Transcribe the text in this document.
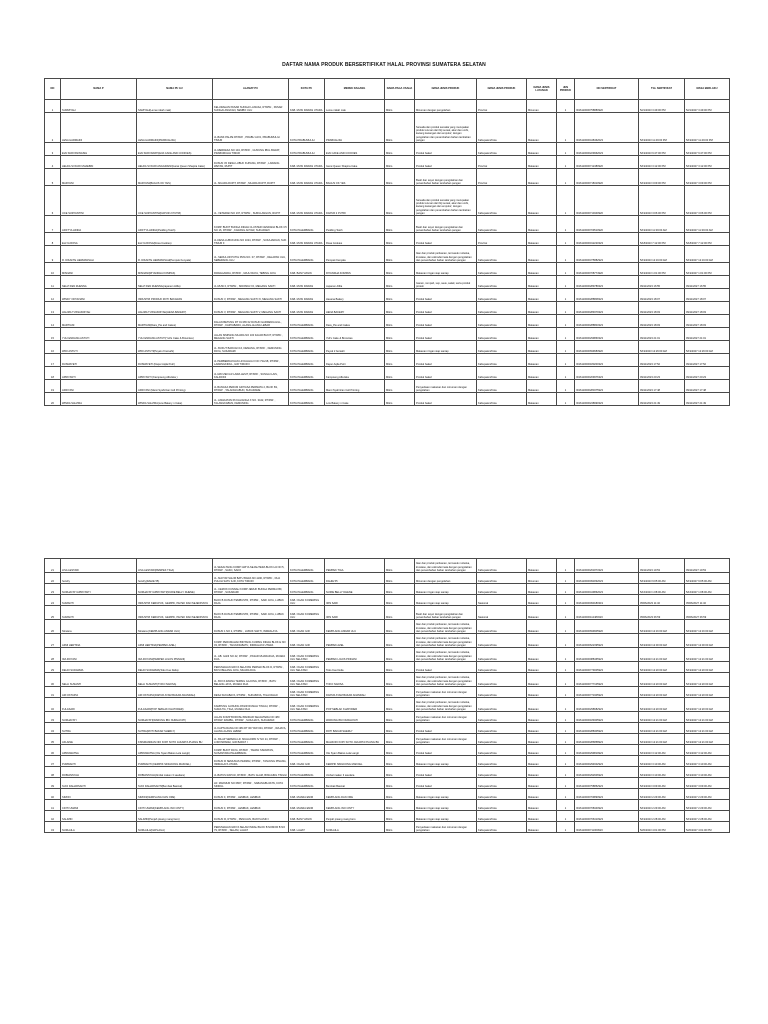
DAFTAR NAMA PRODUK BERSERTIFIKAT HALAL PROVINSI SUMATERA SELATAN
NO	NAMA P	NAMA PU AU	ALAMAT PU	KOTA PU	MEREK DAGANG	NAMA PAGA USAHA	NAMA JENIS PRODUK	NAMA JENIS PRODUK	NAMA JENIS LAYANAN	JEN PRODUK	NO SERTIFIKAT	TGL SERTIFIKAT	MASA BERLAKU
1	SURMIYAH	SAMIYAH(Lema mikah mak)	KELURAHAN PASAR SUNGAI LANGSA, RT/RW: , PASAR SUNGAI ANGKAN, SEMBO ULU	KAB. MUSI RAWAS UTARA	Lema mikah mak	Mikro	Minuman dengan pengolahan	Provinsi	Minuman	1	ID16110000758880920	5/21/2023 3:49:00 PM	5/21/2027 3:49:00 PM
2	LENA HARMAINI	LENA HARMAINI(PRABUALIFA)	JL.BANK PALPE RT/RW: , PRABU JAYA, PRABUMULIH TIMUR	KOTA PRABUMULIH	PRABUALIFA	Mikro	Serealia dan produk serealia yang merupakan produk turunan dari biji sereal, akar dan umbi, kacang kacangan dan empulur; dengan pengolahan dan penambahan bahan tambahan pangan	Kabupaten/Kota	Makanan	1	ID16110000448462023	5/19/2023 11:49:00 PM	5/19/2027 11:49:00 PM
3	EVA SURYANINGSIH	EVA SURYAWATI(EVA CAKE AND COOKIES)	JL.MERDEKA NO 104, RT/RW: , GUNUNG IBUL BARAT, PRABUMULIH TIMUR	KOTA PRABUMULIH	EVA CAKE AND COOKIES	Mikro	Produk bakeri	Kabupaten/Kota	Makanan	1	ID16110000229962023	5/19/2023 9:47:00 PM	5/19/2027 9:47:00 PM
4	HELDA SYAURI UMAEBIN	HELDA SYAURI ANGGRAINI(Gerai Queen Shapira Cake)	DUSUN VII DESA LUBUK KUPANG, RT/RW: , LAWANG WETAN, RUPIT	KAB. MUSI RAWAS UTARA	Gerai Queen Shapira Cake	Mikro	Produk bakeri	Provinsi	Makanan	1	ID16110000712480920	5/19/2023 3:12:00 PM	5/19/2027 3:12:00 PM
5	MARYANI	MARYANI(BAGUS OK YES)	JL. MUARA RUPIT, RT/RW: , MUARA RUPIT, RUPIT	KAB. MUSI RAWAS UTARA	BAGUS OK YES	Mikro	Buah dan sayur dengan pengolahan dan penambahan bahan tambahan pangan	Provinsi	Makanan	1	ID16110000718310920	5/19/2023 3:09:00 PM	5/19/2027 3:09:00 PM
6	UCE SURYANTINI	UCE SURYANTINI(DAPUR 2 PUTRI)	JL. VETERAN NO 197, RT/RW: , SURULANGUN, RUPIT	KAB. MUSI RAWAS UTARA	DAPUR 2 PUTRI	Mikro	Serealia dan produk serealia yang merupakan produk turunan dari biji sereal, akar dan umbi, kacang kacangan dan empulur; dengan pengolahan dan penambahan bahan tambahan pangan	Kabupaten/Kota	Makanan	1	ID16110000710340920	5/19/2023 3:06:00 PM	5/19/2027 3:06:00 PM
7	AFIFTYA HINDA	AFIFTYA HINDA(Pudding Tetoh)	KOMP. BUKIT BUNGA INDAH CLUSTER CENDANA BLOK C5 NO 16, RT/RW: , KARANG ANYAR, SUKARAMI	KOTA PALEMBANG	Pudding Tetoh	Mikro	Buah dan sayur dengan pengolahan dan penambahan bahan tambahan pangan	Kabupaten/Kota	Makanan	1	ID16110000709510920	5/19/2023 11:39:00 AM	5/19/2027 11:39:00 AM
8	ELLYA ROSA	ELLYA ROSA(Rosa Cookies)	JL.DESA LUBUKUNG NO 1024, RT/RW: , SUKAJADIAN, SUK TIMUR II	KAB. MUSI RAWAS UTARA	Rosa Cookies	Mikro	Produk bakeri	Provinsi	Makanan	1	ID16110000012220323	5/18/2023 7:12:00 PM	5/18/2027 7:12:00 PM
9	R. DIKAFTE HERMANSAH	R. DIKAFTE HERMANSAH(Pempek Kenyala)	JL. SEDULUR PUTIH PMG NO. 07, RT/RW: , DELAPAN ULU, SEBERANG ULU	KOTA PALEMBANG	Pempek Kenyala	Mikro	Ikan dan produk perikanan, termasuk moluska, krustase, dan ekinodermata dengan pengolahan dan penambahan bahan tambahan pangan	Kabupaten/Kota	Makanan	1	ID16110000375882923	5/19/2023 12:19:00 AM	5/19/2027 12:19:00 AM
10	MISNANI	MISNANI(RIYANDHA KOMPAS)	RAWAGANDA, RT/RW: , MAJU RAYA, TEBING JAYA	KAB. BANYUASIN	RIYANDHA KOMPAS	Mikro	Makanan ringan siap santap	Kabupaten/Kota	Makanan	1	ID16110000708774920	5/19/2023 1:01:00 PM	5/19/2027 1:01:00 PM
11	NELVI FEN ZHENNA	NELVI FEN ZHENNA(capanen Alifia)	JL.MUSI II, RT/RW: , SIDOMULYO, MEGANG SAKTI	KAB. MUSI RAWAS	capanen Alifia	Mikro	Garam, rempah, sup, saus, salad, serta produk protein	Kabupaten/Kota	Makanan	1	ID16110000289789323	09/11/2023 16:55	09/11/2027 16:55
12	WINDY OKTAVIANI	INDUSTRI PRODUK ROTI BAKARAN	DUSUN V, RT/RW: , MEGANG SAKTI IV, MEGANG SAKTI	KAB. MUSI RAWAS	Havana Bakery	Mikro	Produk bakeri	Kabupaten/Kota	Makanan	1	ID16110000288808323	09/11/2023 18:07	09/11/2027 18:07
13	HALIMA TUSSAKDIYAH	HALIMA TUSSAKDIYAH(HENA BAKERY)	DUSUN V, RT/RW: , MEGANG SAKTI V, MEGANG SAKTI	KAB. MUSI RAWAS	HENA BAKERY	Mikro	Produk bakeri	Kabupaten/Kota	Makanan	1	ID16110000289379323	09/11/2023 18:03	09/11/2027 18:03
14	MARTIANI	MARTIANI(Dara_Pie and Cakes)	DALAN BETUNG RT 01 RW 02 DUSUN GARDENIA HILL, RT/RW: , KARYABARU, ALANG-ALANG LEBAR	KOTA PALEMBANG	Dara_Pie and Cakes	Mikro	Produk bakeri	Kabupaten/Kota	Makanan	1	ID16110000288803323	09/11/2023 18:03	09/11/2027 18:03
15	YULI ENDANG ASTUTI	YULI ENDANG ASTUTI(Yuli's Cake & Brownies)	JALAN SIMPANG MUARA NO 100 FAJAR BUKIT, RT/RW: , MEGANG SAKTI	KOTA PALEMBANG	Yuli's Cake & Brownies	Mikro	Produk bakeri	Kabupaten/Kota	Makanan	1	ID16110000299860323	09/11/2023 21:01	09/11/2027 21:01
16	WIDI ASTUTI	WIDI ASTUTI(Peyek 2 bersahi)	JL. BUKUT BARUAN 16, DEMANG, RT/RW: , KEMUNING RAYA, SUKARAMI	KOTA PALEMBANG	Peyek 2 bersahi	Mikro	Makanan ringan siap santap	Kabupaten/Kota	Makanan	1	ID16110000699683920	5/19/2023 12:29:00 AM	5/19/2027 12:29:00 AM
17	RUSMAYETI	RUSMAYETI (Dapur Aqila Putri)	JL PEMBERDAYAAN LR DAHLIA II NO 73A/18, RT/RW: , LAWANGKIDUL, ILIR TIMUR II	KOTA PALEMBANG	Dapur Aqila Putri	Mikro	Produk bakeri	Kabupaten/Kota	Makanan	1	ID16110000180200323	09/11/2023 17:52	09/11/2027 17:52
18	APRIYANTI	APRIYANTI (Kampoeng Alfa Eka )	JL.MAY.ZEN LR LAWA LESIT, RT/RW: , SUNGAI LAIS, KALIDONI	KOTA PALEMBANG	Kampoeng Alfa Eka	Mikro	Produk bakeri	Kabupaten/Kota	Makanan	1	ID16110000209976323	09/11/2023 20:23	09/11/2027 20:23
19	AFRIYANI	AFRIYANI (Mami Syahrizan Cell Printing)	JL BANGKA PERUM GRIYASA PERMATA 2, BLOK B1, RT/RW: , TALANGKABUN, SUKARAME	KOTA PALEMBANG	Mami Syahrizan Cell Printing	Mikro	Penyediaan makanan dan minuman dengan pengolahan	Kabupaten/Kota	Makanan	1	ID16110000280375923	09/11/2023 17:48	09/11/2027 17:48
20	WINDA SALVIRA	WINDA SALVIRA(Low Bakery n Cake)	JL. ANGKATAN 66 KALIANGA X NO. 3442, RT/RW: , TALANGKABUN, KEMUNING	KOTA PALEMBANG	Low Bakery n Cake	Mikro	Produk bakeri	Kabupaten/Kota	Makanan	1	ID16110000248990323	09/11/2023 21:49	09/11/2027 21:49
21	LISA LESTARI	LISA LESTARI(PEMPEK TIGA)	JL SEKALTANG KOMP GRIYA SEJAHTERA BLOK H4 NO 5, RT/RW: , SAKO, SAKO	KOTA PALEMBANG	PEMPEK TIGA	Mikro	Ikan dan produk perikanan, termasuk moluska, krustase, dan ekinodermata dengan pengolahan dan penambahan bahan tambahan pangan	Kabupaten/Kota	Makanan	1	ID16110000261873323	09/11/2023 19:53	09/11/2027 19:53
22	hendry	hendry(DAHIE 55)	JL. MAYOR SALIM BATU BARA NO.1190, RT/RW: , DUA PULUH SATU ILIR, KOTA TIMUR I	KOTA PALEMBANG	DAHIE 55	Mikro	Minuman dengan pengolahan	Kabupaten/Kota	Minuman	1	ID16110000091832023	5/19/2023 9:05:00 AM	5/19/2027 9:05:00 AM
23	NURHAYATI APRIYANTI	NURHAYATI APRIYANTI(NURIE BELLY DHENE)	JL. CEMOK KUNNAH KOMP JEMUK BUNGA PERMAI BF, RT/RW: , SUKARAMI	KOTA PALEMBANG	NURIE BELLY DHENE	Mikro	Makanan ringan siap santap	Kabupaten/Kota	Makanan	1	ID16110000449862023	5/16/2023 1:08:00 AM	5/16/2027 1:08:00 AM
24	SUMANTI	INDUSTRI KERUPUK, GEMPIK, PEYEK DAN SEJENISNYA	BLOK B DUSUN TEMBUSTR, RT/RW: , SARI JAYA, LUBUK RAJA	KAB. OGAN KOMERING ULU	IRIS SARI	Mikro	Makanan ringan siap santap	Nasional	Makanan	1	ID16110000090180319	05/06/2023 11:32	05/06/2027 11:32
25	SUMANTI	INDUSTRI KERUPUK, GEMPIK, PEYEK DAN SEJENISNYA	BLOK B DUSUN TEMBUSTR, RT/RW: , SARI JAYA, LUBUK RAJA	KAB. OGAN KOMERING ULU	IRIS SARI	Mikro	Buah dan sayur dengan pengolahan dan penambahan bahan tambahan pangan	Nasional	Makanan	1	ID16110000112480323	05/06/2023 06:59	05/06/2027 06:59
26	Nirwana	Nirwana (KEMPLANG ANDAR ULU)	DUSUN 1 NO 2, RT/RW: , LUBUK SAKTI, INDRALAYA	KAB. OGAN ILIR	KEMPLANG ANDAR ULU	Mikro	Ikan dan produk perikanan, termasuk moluska, krustase, dan ekinodermata dengan pengolahan dan penambahan bahan tambahan pangan	Kabupaten/Kota	Makanan	1	ID16110000699905920	5/19/2023 12:16:00 AM	5/19/2027 12:16:00 AM
27	AZMI HERTINA	AZMI HERTINA(PEMPEK AZEL)	KOMP. PERUMAHAN BINTANG KURING INDAH BLOK E NO 03, RT/RW: , TANJUNGBATU, INDRALAYA UTARA	KAB. OGAN ILIR	PEMPEK AZEL	Mikro	Ikan dan produk perikanan, termasuk moluska, krustase, dan ekinodermata dengan pengolahan dan penambahan bahan tambahan pangan	Kabupaten/Kota	Makanan	1	ID16110000622395923	5/19/2023 12:00:00 AM	5/19/2027 12:00:00 AM
28	IDA ROYANI	IDA ROYANI(PEMPEK LIGOS PINNANI)	JL. AB. GANI NO 42, RT/RW: , PASAR MUARADUA, MUARA DUA	KAB. OGAN KOMERING ULU SELATAN	PEMPEK LIGOS PINNANI	Mikro	Ikan dan produk perikanan, termasuk moluska, krustase, dan ekinodermata dengan pengolahan dan penambahan bahan tambahan pangan	Kabupaten/Kota	Makanan	1	ID16110000088465923	5/19/2023 12:21:00 AM	5/19/2027 12:21:00 AM
29	DELDI SUDARMA	DELDI SUDARMA(Toko Kue Delia)	PERUMAHAN GRIYA SELATAN PERMAI BLOK D, RT/RW: , BATU BELANG JAYA, MUARA DUA	KAB. OGAN KOMERING ULU SELATAN	Toko Kue Delia	Mikro	Produk bakeri	Kabupaten/Kota	Makanan	1	ID16110000779005923	5/19/2023 12:20:00 AM	5/19/2027 12:20:00 AM
30	NELLI SUSANTI	NELLI SUSANTI(TOKO NAFISA)	JL. BOYA RANNA TERING GAJONG, RT/RW: , BATU BELANG JAYA, MUARA DUA	KAB. OGAN KOMERING ULU SELATAN	TOKO NAFISA	Mikro	Ikan dan produk perikanan, termasuk moluska, krustase, dan ekinodermata dengan pengolahan dan penambahan bahan tambahan pangan	Kabupaten/Kota	Makanan	1	ID16110000777105923	5/19/2023 12:20:00 AM	5/19/2027 12:20:00 AM
31	ARI OKTAPIA	ARI OKTAPIA(DAPUR AYAM BAKAR ANANDAH)	DESA SUKABAYA, RT/RW: , SUKABAYA, TIGA DIHAJI	KAB. OGAN KOMERING ULU SELATAN	DAPUR AYAM BAKAR ANANDAH	Mikro	Penyediaan makanan dan minuman dengan pengolahan	Kabupaten/Kota	Makanan	1	ID16110000771905923	5/19/2023 12:20:00 AM	5/19/2027 12:20:00 AM
32	FULASARI	FULASARI(POP SEBLAK KHATODER)	KAMPUNG GUNUNG PASIR RUMAH TINGGI, RT/RW: , SURAJYA, TIGA, MUARA DUA	KAB. OGAN KOMERING ULU SELATAN	POP SEBLAK KHATODER	Mikro	Ikan dan produk perikanan, termasuk moluska, krustase, dan ekinodermata dengan pengolahan dan penambahan bahan tambahan pangan	Kabupaten/Kota	Makanan	1	ID16110000298682923	5/19/2023 12:20:00 AM	5/19/2027 12:20:00 AM
33	NURHAYATI	NURHAYATI(WARUNG IBU NURHAYATI)	JALAN KOMP BOROSH BANDAR SEJAHTERA NO 480 RT/RW: RAMBIL, RT/RW: , SUKAJAYA, SUKARAMI	KOTA PALEMBANG	WARUNG IBU NURHAYATI	Mikro	Penyediaan makanan dan minuman dengan pengolahan	Kabupaten/Kota	Makanan	1	ID16110000189305923	5/19/2023 12:21:00 AM	5/19/2027 12:21:00 AM
34	SUTRA	SUTRA(ROTI BAKAR SHERLY)	JL KAPTA RANG NO 384 RT 007 RW 004, RT/RW: , WAJAYA, ALANG ALANG LEBAR	KOTA PALEMBANG	ROTI BAKAR SHERLY	Mikro	Produk bakeri	Kabupaten/Kota	Makanan	1	ID16110000288305923	5/19/2023 12:21:00 AM	5/19/2027 12:21:00 AM
35	AFLAINE	KISSMANDIAN NIO KOPI SOTO JAKARTA PUANG BU	JL. BILAP SEPEDA LR. MUHAJIRIN IV NO 24, RT/RW: , LOROSPADEI, ILIR BARAT I	KOTA PALEMBANG	MAHKOKI KOPI SOTO JAKARTA PUANG BU	Mikro	Penyediaan makanan dan minuman dengan pengolahan	Kabupaten/Kota	Makanan	1	ID16110000286858923	5/19/2023 12:21:00 AM	5/19/2027 12:21:00 AM
36	APRIAWATNA	APRIAWATNA (Ole Syam Bakso Lela Langit)	KOMP. BUKIT RAYA, RT/RW: , TAMAN SISWATAN, NUSANTARA PALEMBANG	KOTA PALEMBANG	Ole Syam Bakso Lela Langit	Mikro	Produk bakeri	Kabupaten/Kota	Makanan	1	ID16110000299819923	5/19/2023 3:12:00 AM	5/19/2027 3:12:00 AM
37	PURWANTI	PURWANTI (KERIPIK SINGKONG MAKOEL)	DUSUN III SEMUNAS PERMAI, RT/RW: , TANJUNG PINANG, INDRALAYA UTARA	KAB. OGAN ILIR	KERIPIK SINGKONG MAKOEL	Mikro	Makanan ringan siap santap	Kabupaten/Kota	Makanan	1	ID16110000294602923	5/19/2023 3:10:00 AM	5/19/2027 3:10:00 AM
38	ROBIANSYAH	ROBIANSYAH(Jimbal maken 3 saudara)	JL.BATUS RAPUJI, RT/RW: , BATU ALAM, BINGGING TINGGI	KOTA PALEMBANG	Jimbal maken 3 saudara	Mikro	Produk bakeri	Kabupaten/Kota	Makanan	1	ID16110000292606923	5/19/2023 3:10:00 AM	5/19/2027 3:10:00 AM
39	SUCI DAHARSANTI	SUCI DAHARSANTI(Bembak Basinat)	LR. MAKMUR NO 0867, RT/RW: , SABANGBUJATN, KOTA SINDUL	KOTA PALEMBANG	Bembak Basinat	Mikro	Produk bakeri	Kabupaten/Kota	Makanan	1	ID16110000758852923	5/19/2023 3:09:00 AM	5/19/2027 3:09:00 AM
40	SIMON	SIMON(KEMPLANG DAN ORE)	DUSUN II, RT/RW: , LEMBAK, LEMBAK	KAB. MUARA ENIM	KEMPLANG DAN ORE	Mikro	Makanan ringan siap santap	Kabupaten/Kota	Makanan	1	ID16110000769890923	5/19/2023 2:29:00 AM	5/19/2027 2:29:00 AM
41	CINTI UMAMI	CINTI UMAMI(KEMPLANG INO CINTY)	DUSUN II, RT/RW: , LEMBAK, LEMBAK	KAB. MUARA ENIM	KEMPLANG INO CINTY	Mikro	Makanan ringan siap santap	Kabupaten/Kota	Makanan	1	ID16110000768340923	5/19/2023 2:29:00 AM	5/19/2027 2:29:00 AM
42	SALIMIN	SALIMIN(Penjah pisang mang bero)	DUSUN III, RT/RW: , PENUJAN, BANYUASIN I	KAB. BANYUASIN	Penjah pisang mang bero	Mikro	Makanan ringan siap santap	Kabupaten/Kota	Makanan	1	ID16110000766310923	5/19/2023 2:28:00 AM	5/19/2027 2:28:00 AM
43	NURLAILA	NURLAILA(NAPLAILA)	PERUMAHAN GRIYA SELAM INDAH BLOK B NOMOR B NO 79, RT/RW: , SELAM, LAHAT	KAB. LAHAT	NURLAILA	Mikro	Penyediaan makanan dan minuman dengan pengolahan	Kabupaten/Kota	Makanan	1	ID16110000711060923	5/20/2023 4:01:00 PM	5/20/2027 4:01:00 PM
